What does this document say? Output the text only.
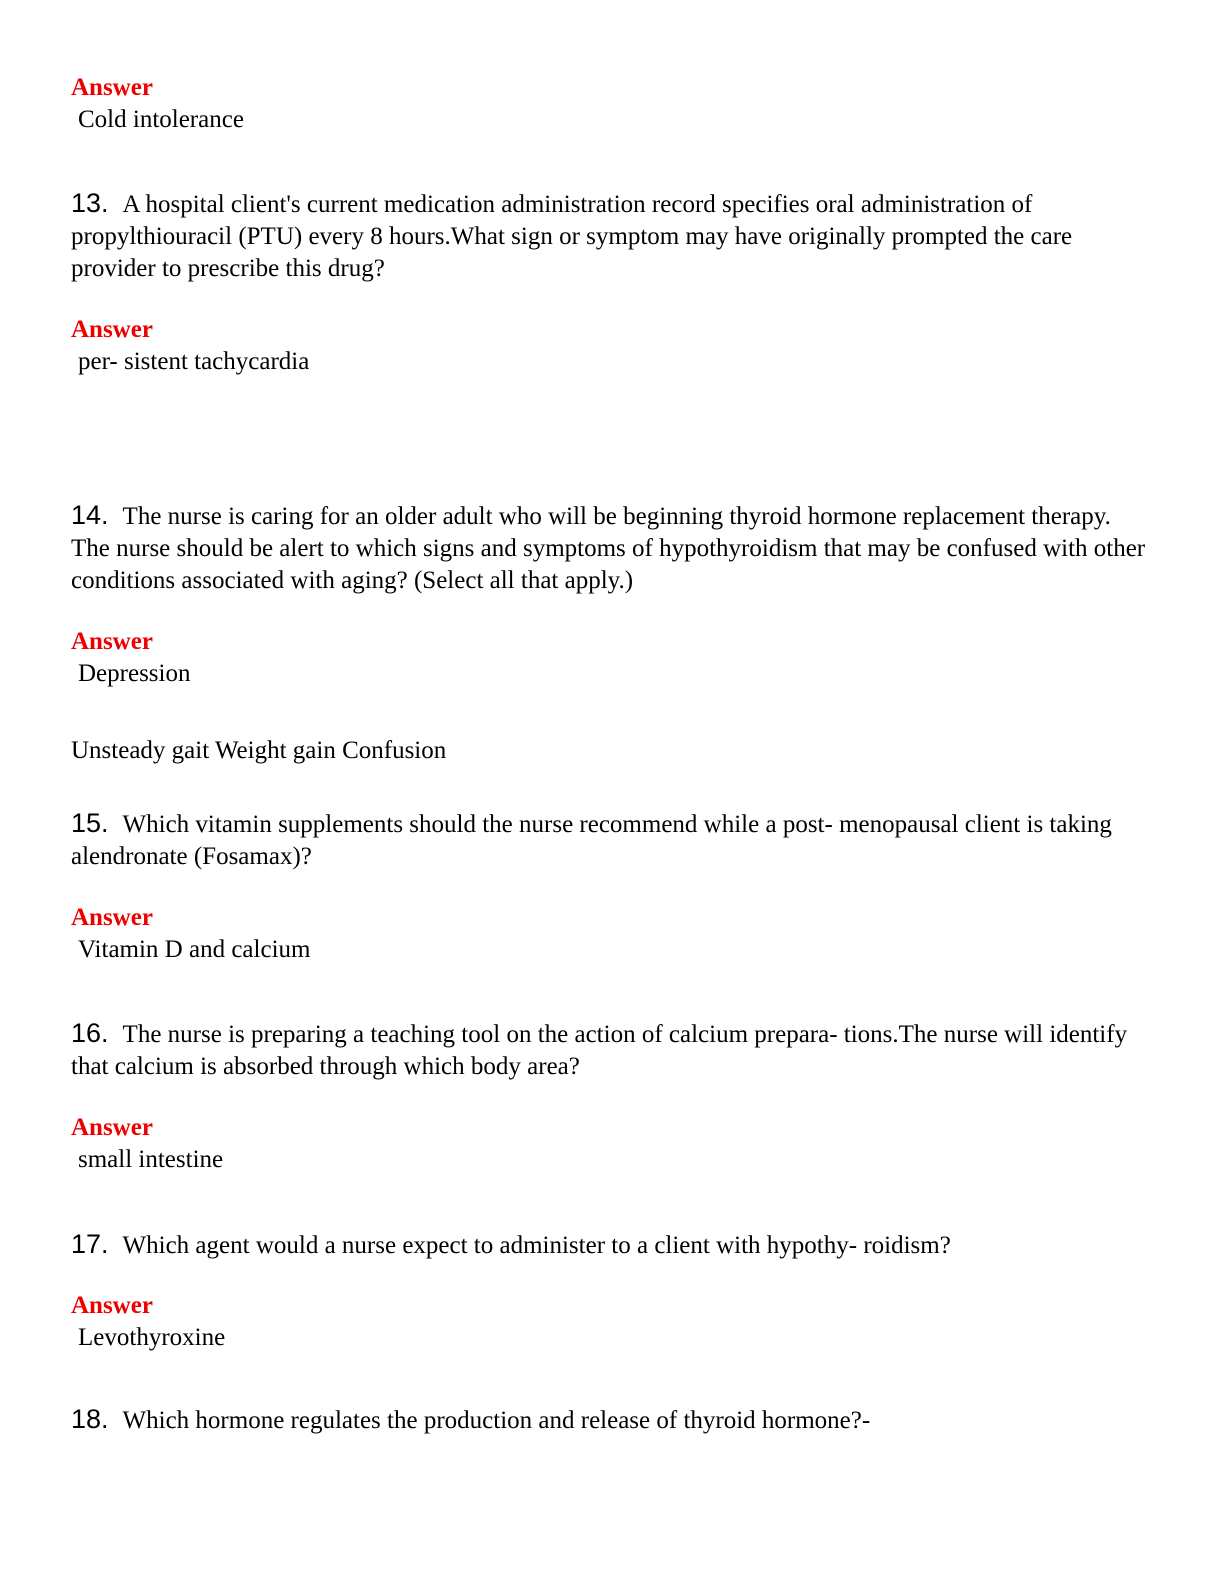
Answer
Cold intolerance
13. A hospital client's current medication administration record specifies oral administration of propylthiouracil (PTU) every 8 hours.What sign or symptom may have originally prompted the care provider to prescribe this drug?
Answer
per- sistent tachycardia
14. The nurse is caring for an older adult who will be beginning thyroid hormone replacement therapy. The nurse should be alert to which signs and symptoms of hypothyroidism that may be confused with other conditions associated with aging? (Select all that apply.)
Answer
Depression
Unsteady gait Weight gain Confusion
15. Which vitamin supplements should the nurse recommend while a post- menopausal client is taking alendronate (Fosamax)?
Answer
Vitamin D and calcium
16. The nurse is preparing a teaching tool on the action of calcium prepara- tions.The nurse will identify that calcium is absorbed through which body area?
Answer
small intestine
17. Which agent would a nurse expect to administer to a client with hypothy- roidism?
Answer
Levothyroxine
18. Which hormone regulates the production and release of thyroid hormone?-
